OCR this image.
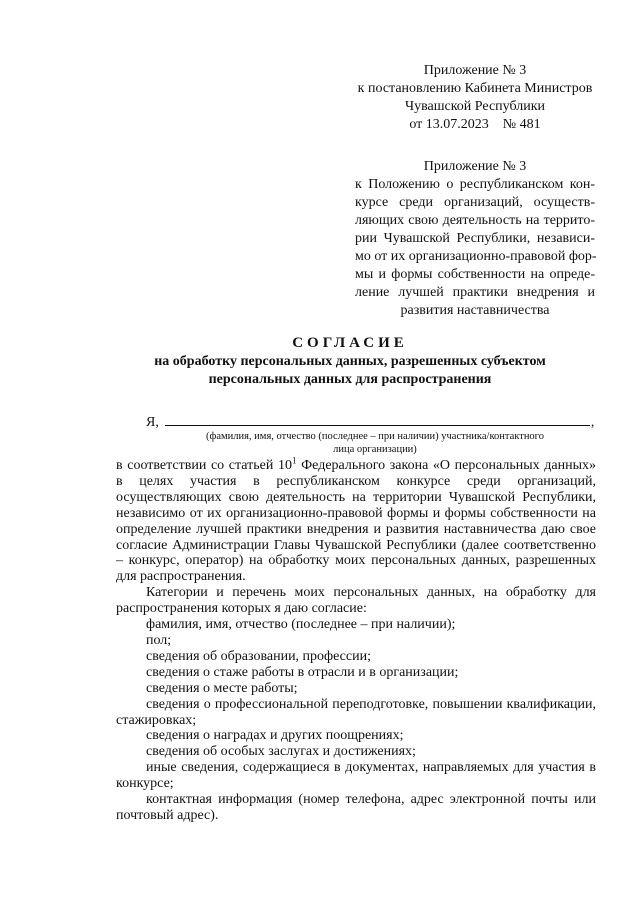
Приложение № 3
к постановлению Кабинета Министров
Чувашской Республики
от 13.07.2023    № 481
Приложение № 3
к Положению о республиканском кон-
курсе среди организаций, осуществ-
ляющих свою деятельность на террито-
рии Чувашской Республики, независи-
мо от их организационно-правовой фор-
мы и формы собственности на опреде-
ление лучшей практики внедрения и
развития наставничества
СОГЛАСИЕ
на обработку персональных данных, разрешенных субъектом
персональных данных для распространения
Я,	,
(фамилия, имя, отчество (последнее – при наличии) участника/контактного
лица организации)

в соответствии со статьей $10^1$ Федерального закона «О персональных данных» в целях участия в республиканском конкурсе среди организаций, осуществляющих свою деятельность на территории Чувашской Республики, независимо от их организационно-правовой формы и формы собственности на определение лучшей практики внедрения и развития наставничества даю свое согласие Администрации Главы Чувашской Республики (далее соответственно – конкурс, оператор) на обработку моих персональных данных, разрешенных для распространения.

Категории и перечень моих персональных данных, на обработку для распространения которых я даю согласие:

фамилия, имя, отчество (последнее – при наличии);

пол;

сведения об образовании, профессии;

сведения о стаже работы в отрасли и в организации;

сведения о месте работы;

сведения о профессиональной переподготовке, повышении квалификации, стажировках;

сведения о наградах и других поощрениях;

сведения об особых заслугах и достижениях;

иные сведения, содержащиеся в документах, направляемых для участия в конкурсе;

контактная информация (номер телефона, адрес электронной почты или почтовый адрес).
